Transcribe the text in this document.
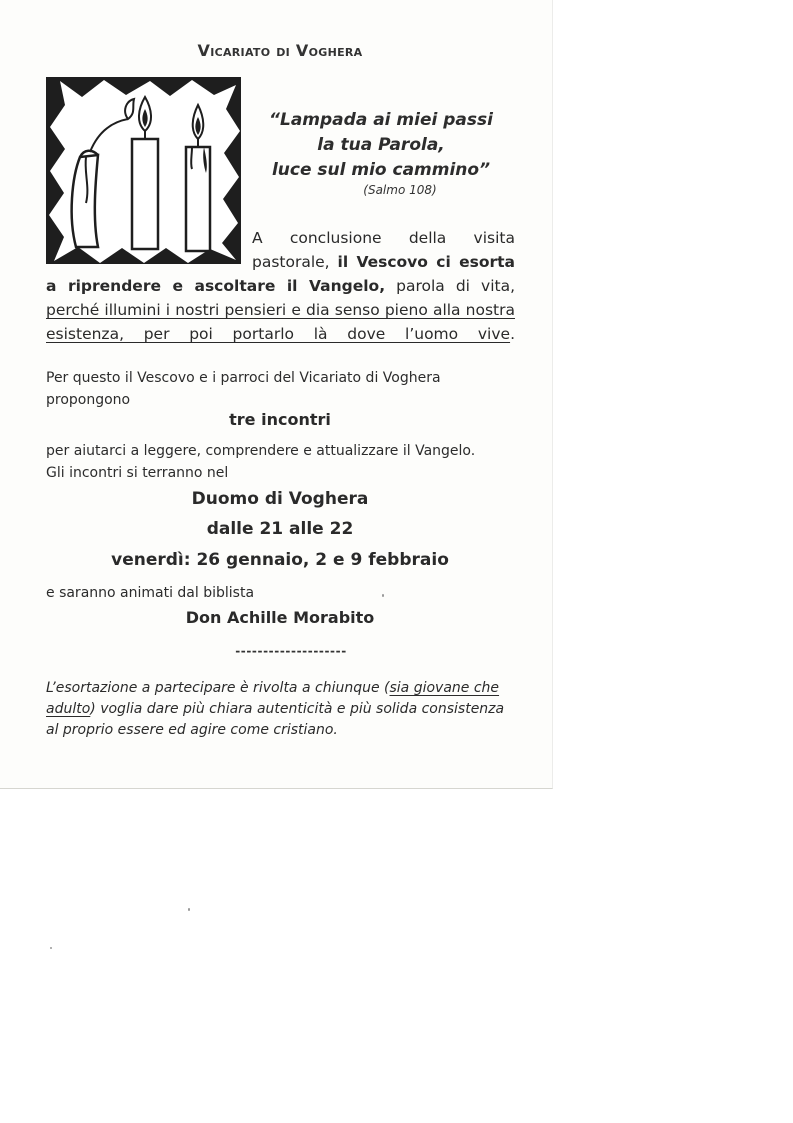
Vicariato di Voghera
“Lampada ai miei passi
la tua Parola,
luce sul mio cammino”
(Salmo 108)
A conclusione della visita pastorale, il Vescovo ci esorta a riprendere e ascoltare il Vangelo, parola di vita, perché illumini i nostri pensieri e dia senso pieno alla nostra esistenza, per poi portarlo là dove l’uomo vive.
Per questo il Vescovo e i parroci del Vicariato di Voghera propongono
tre incontri
per aiutarci a leggere, comprendere e attualizzare il Vangelo.
Gli incontri si terranno nel
Duomo di Voghera
dalle 21 alle 22
venerdì: 26 gennaio, 2 e 9 febbraio
e saranno animati dal biblista
Don Achille Morabito
--------------------
L’esortazione a partecipare è rivolta a chiunque (sia giovane che adulto) voglia dare più chiara autenticità e più solida consistenza al proprio essere ed agire come cristiano.
